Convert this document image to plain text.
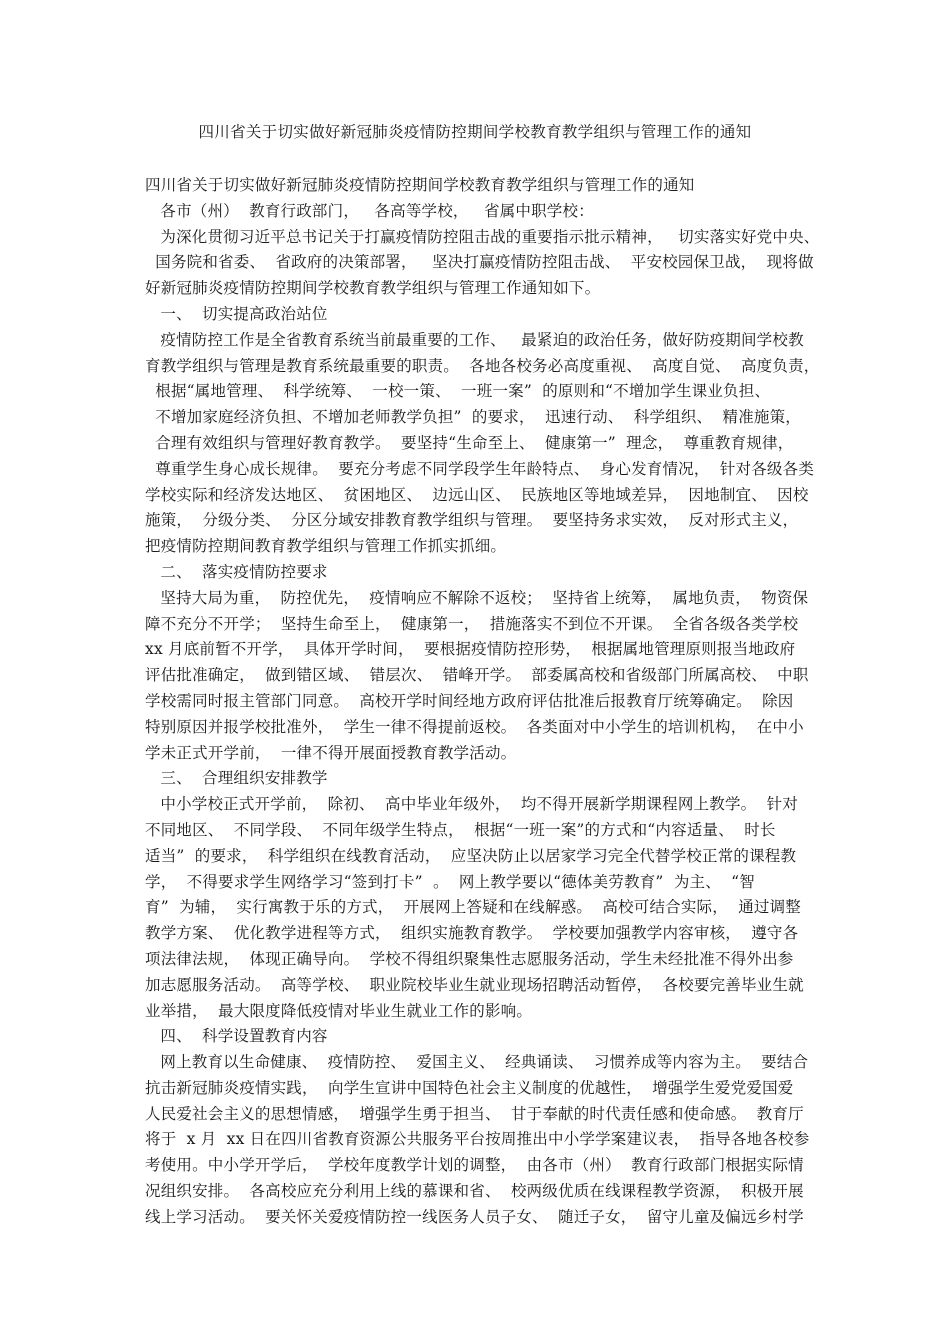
四川省关于切实做好新冠肺炎疫情防控期间学校教育教学组织与管理工作的通知
四川省关于切实做好新冠肺炎疫情防控期间学校教育教学组织与管理工作的通知
各市（州）  教育行政部门，   各高等学校，   省属中职学校：
为深化贯彻习近平总书记关于打赢疫情防控阻击战的重要指示批示精神，   切实落实好党中央、
国务院和省委、  省政府的决策部署，   坚决打赢疫情防控阻击战、  平安校园保卫战，  现将做
好新冠肺炎疫情防控期间学校教育教学组织与管理工作通知如下。
一、  切实提高政治站位
疫情防控工作是全省教育系统当前最重要的工作、   最紧迫的政治任务，做好防疫期间学校教
育教学组织与管理是教育系统最重要的职责。  各地各校务必高度重视、  高度自觉、  高度负责，
根据“属地管理、  科学统筹、  一校一策、  一班一案”  的原则和“不增加学生课业负担、
不增加家庭经济负担、不增加老师教学负担”  的要求，  迅速行动、  科学组织、  精准施策，
合理有效组织与管理好教育教学。  要坚持“生命至上、  健康第一”  理念，  尊重教育规律，
尊重学生身心成长规律。  要充分考虑不同学段学生年龄特点、  身心发育情况，  针对各级各类
学校实际和经济发达地区、  贫困地区、  边远山区、  民族地区等地域差异，  因地制宜、  因校
施策，  分级分类、  分区分域安排教育教学组织与管理。  要坚持务求实效，  反对形式主义，
把疫情防控期间教育教学组织与管理工作抓实抓细。
二、  落实疫情防控要求
坚持大局为重，  防控优先，  疫情响应不解除不返校；  坚持省上统筹，  属地负责，  物资保
障不充分不开学；  坚持生命至上，  健康第一，  措施落实不到位不开课。  全省各级各类学校
xx 月底前暂不开学，  具体开学时间，  要根据疫情防控形势，  根据属地管理原则报当地政府
评估批准确定，  做到错区域、  错层次、  错峰开学。  部委属高校和省级部门所属高校、  中职
学校需同时报主管部门同意。  高校开学时间经地方政府评估批准后报教育厅统筹确定。  除因
特别原因并报学校批准外，  学生一律不得提前返校。  各类面对中小学生的培训机构，  在中小
学未正式开学前，  一律不得开展面授教育教学活动。
三、  合理组织安排教学
中小学校正式开学前，  除初、  高中毕业年级外，  均不得开展新学期课程网上教学。  针对
不同地区、  不同学段、  不同年级学生特点，  根据“一班一案”的方式和“内容适量、  时长
适当”  的要求，  科学组织在线教育活动，  应坚决防止以居家学习完全代替学校正常的课程教
学，  不得要求学生网络学习“签到打卡”  。  网上教学要以“德体美劳教育”  为主、  “智
育”  为辅，  实行寓教于乐的方式，  开展网上答疑和在线解惑。  高校可结合实际，  通过调整
教学方案、  优化教学进程等方式，  组织实施教育教学。  学校要加强教学内容审核，  遵守各
项法律法规，  体现正确导向。  学校不得组织聚集性志愿服务活动，学生未经批准不得外出参
加志愿服务活动。  高等学校、  职业院校毕业生就业现场招聘活动暂停，  各校要完善毕业生就
业举措，  最大限度降低疫情对毕业生就业工作的影响。
四、  科学设置教育内容
网上教育以生命健康、  疫情防控、  爱国主义、  经典诵读、  习惯养成等内容为主。  要结合
抗击新冠肺炎疫情实践，  向学生宣讲中国特色社会主义制度的优越性，  增强学生爱党爱国爱
人民爱社会主义的思想情感，  增强学生勇于担当、  甘于奉献的时代责任感和使命感。  教育厅
将于  x 月  xx 日在四川省教育资源公共服务平台按周推出中小学学案建议表，  指导各地各校参
考使用。中小学开学后，  学校年度教学计划的调整，  由各市（州）  教育行政部门根据实际情
况组织安排。  各高校应充分利用上线的慕课和省、  校两级优质在线课程教学资源，  积极开展
线上学习活动。  要关怀关爱疫情防控一线医务人员子女、  随迁子女，  留守儿童及偏远乡村学
